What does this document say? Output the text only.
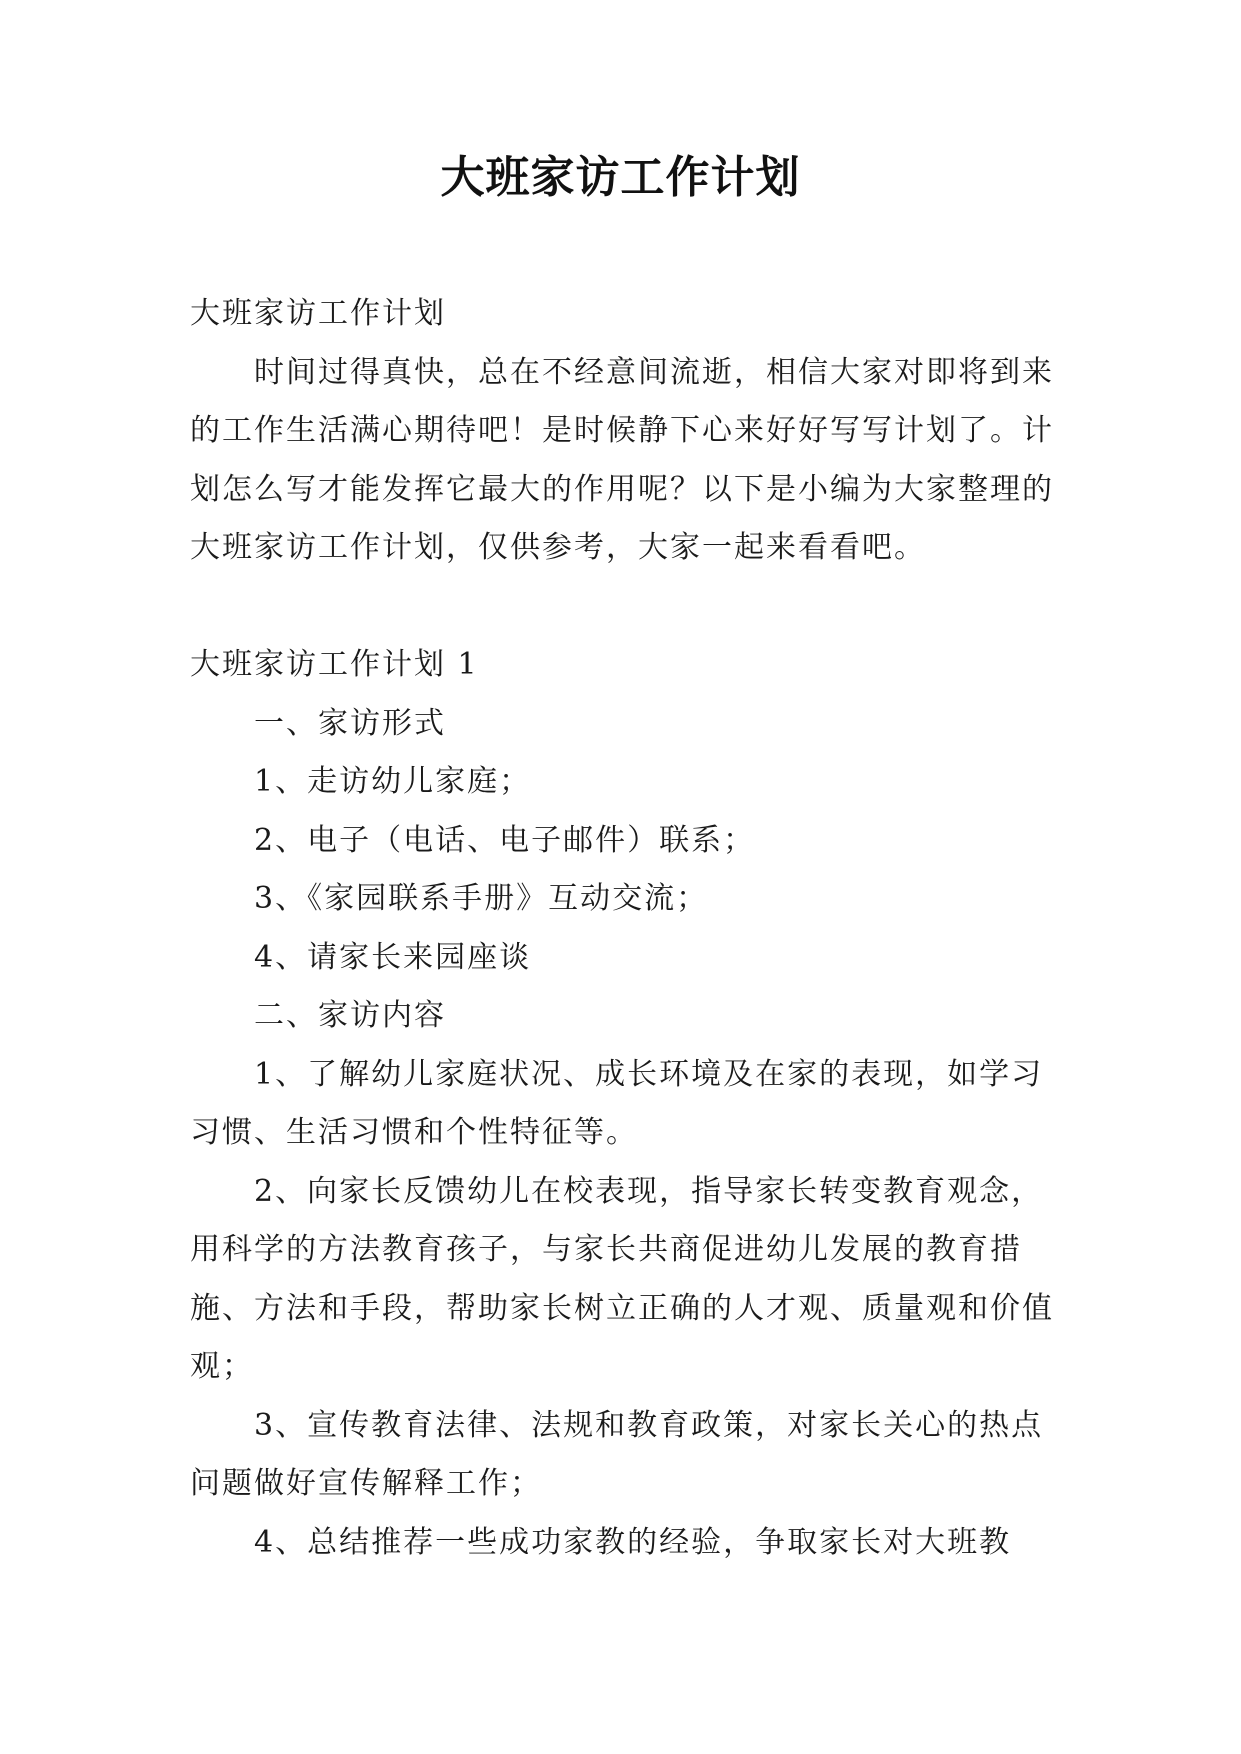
大班家访工作计划

大班家访工作计划

时间过得真快，总在不经意间流逝，相信大家对即将到来的工作生活满心期待吧！是时候静下心来好好写写计划了。计划怎么写才能发挥它最大的作用呢？以下是小编为大家整理的大班家访工作计划，仅供参考，大家一起来看看吧。

大班家访工作计划 1

一、家访形式

1、走访幼儿家庭；

2、电子（电话、电子邮件）联系；

3、《家园联系手册》互动交流；

4、请家长来园座谈

二、家访内容

1、了解幼儿家庭状况、成长环境及在家的表现，如学习习惯、生活习惯和个性特征等。

2、向家长反馈幼儿在校表现，指导家长转变教育观念，用科学的方法教育孩子，与家长共商促进幼儿发展的教育措施、方法和手段，帮助家长树立正确的人才观、质量观和价值观；

3、宣传教育法律、法规和教育政策，对家长关心的热点问题做好宣传解释工作；

4、总结推荐一些成功家教的经验，争取家长对大班教
